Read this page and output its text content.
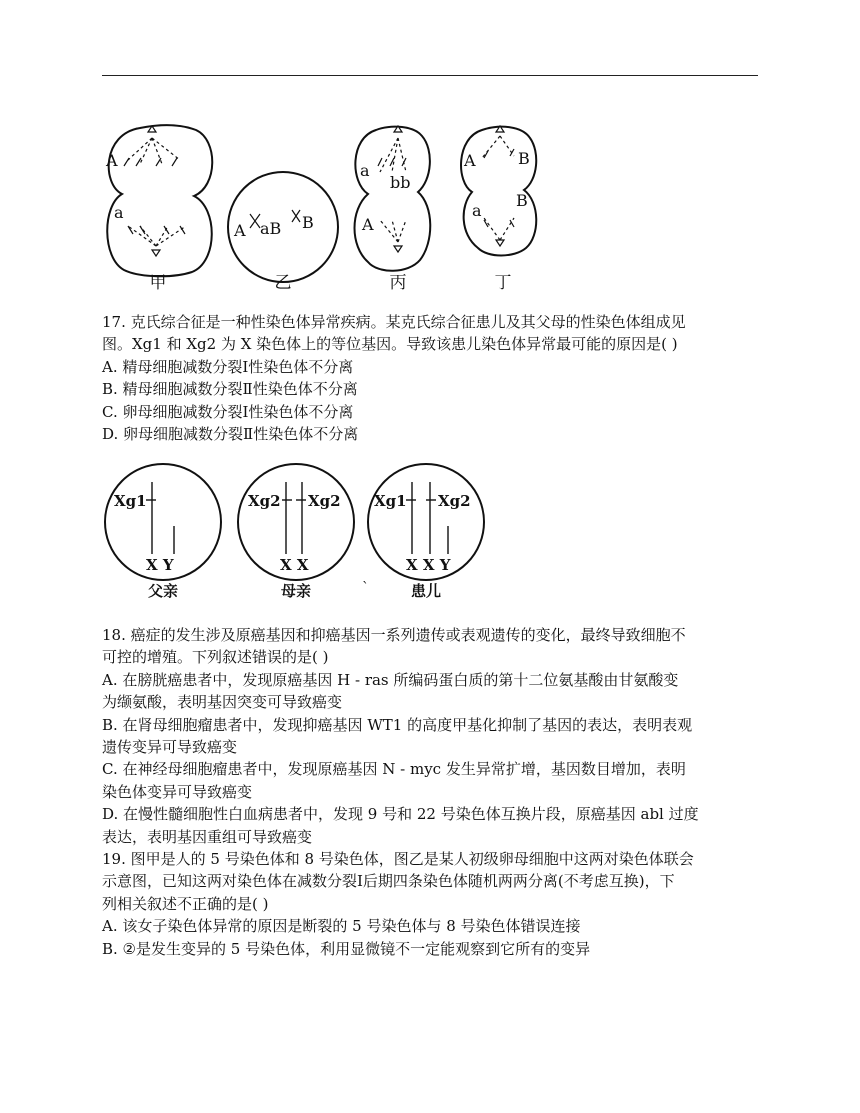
A
a
A aB B
a
bb
A
A	B
a
B
甲	乙	丙	丁
17. 克氏综合征是一种性染色体异常疾病。某克氏综合征患儿及其父母的性染色体组成见
图。Xg1 和 Xg2 为 X 染色体上的等位基因。导致该患儿染色体异常最可能的原因是( )
A. 精母细胞减数分裂Ⅰ性染色体不分离
B. 精母细胞减数分裂Ⅱ性染色体不分离
C. 卵母细胞减数分裂Ⅰ性染色体不分离
D. 卵母细胞减数分裂Ⅱ性染色体不分离
Xg1
X Y
Xg2 Xg2
X X
Xg1 Xg2
X X Y
父亲	母亲	患儿
`
18. 癌症的发生涉及原癌基因和抑癌基因一系列遗传或表观遗传的变化，最终导致细胞不
可控的增殖。下列叙述错误的是( )
A. 在膀胱癌患者中，发现原癌基因 H - ras 所编码蛋白质的第十二位氨基酸由甘氨酸变
为缬氨酸，表明基因突变可导致癌变
B. 在肾母细胞瘤患者中，发现抑癌基因 WT1 的高度甲基化抑制了基因的表达，表明表观
遗传变异可导致癌变
C. 在神经母细胞瘤患者中，发现原癌基因 N - myc 发生异常扩增，基因数目增加，表明
染色体变异可导致癌变
D. 在慢性髓细胞性白血病患者中，发现 9 号和 22 号染色体互换片段，原癌基因 abl 过度
表达，表明基因重组可导致癌变
19. 图甲是人的 5 号染色体和 8 号染色体，图乙是某人初级卵母细胞中这两对染色体联会
示意图，已知这两对染色体在减数分裂Ⅰ后期四条染色体随机两两分离(不考虑互换)，下
列相关叙述不正确的是( )
A. 该女子染色体异常的原因是断裂的 5 号染色体与 8 号染色体错误连接
B. ②是发生变异的 5 号染色体，利用显微镜不一定能观察到它所有的变异
